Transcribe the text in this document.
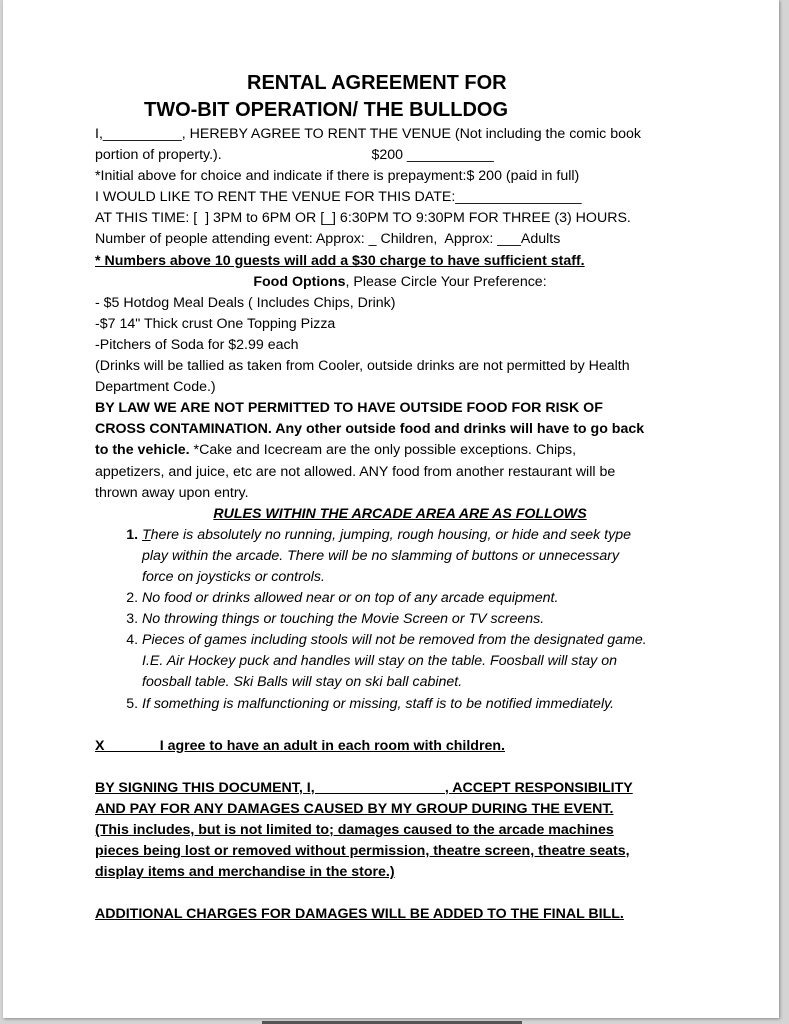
RENTAL AGREEMENT FOR
TWO-BIT OPERATION/ THE BULLDOG
I,__________, HEREBY AGREE TO RENT THE VENUE (Not including the comic book
portion of property.).                                      $200 ___________
*Initial above for choice and indicate if there is prepayment:$ 200 (paid in full)
I WOULD LIKE TO RENT THE VENUE FOR THIS DATE:________________
AT THIS TIME: [  ] 3PM to 6PM OR [_] 6:30PM TO 9:30PM FOR THREE (3) HOURS.
Number of people attending event: Approx: _ Children,  Approx: ___Adults
* Numbers above 10 guests will add a $30 charge to have sufficient staff.
Food Options, Please Circle Your Preference:
- $5 Hotdog Meal Deals ( Includes Chips, Drink)
-$7 14" Thick crust One Topping Pizza
-Pitchers of Soda for $2.99 each
(Drinks will be tallied as taken from Cooler, outside drinks are not permitted by Health
Department Code.)
BY LAW WE ARE NOT PERMITTED TO HAVE OUTSIDE FOOD FOR RISK OF
CROSS CONTAMINATION. Any other outside food and drinks will have to go back
to the vehicle. *Cake and Icecream are the only possible exceptions. Chips,
appetizers, and juice, etc are not allowed. ANY food from another restaurant will be
thrown away upon entry.
RULES WITHIN THE ARCADE AREA ARE AS FOLLOWS
1. There is absolutely no running, jumping, rough housing, or hide and seek type
play within the arcade. There will be no slamming of buttons or unnecessary
force on joysticks or controls.
2. No food or drinks allowed near or on top of any arcade equipment.
3. No throwing things or touching the Movie Screen or TV screens.
4. Pieces of games including stools will not be removed from the designated game.
I.E. Air Hockey puck and handles will stay on the table. Foosball will stay on
foosball table. Ski Balls will stay on ski ball cabinet.
5. If something is malfunctioning or missing, staff is to be notified immediately.
X______  I agree to have an adult in each room with children.
BY SIGNING THIS DOCUMENT, I, ________________, ACCEPT RESPONSIBILITY
AND PAY FOR ANY DAMAGES CAUSED BY MY GROUP DURING THE EVENT.
(This includes, but is not limited to; damages caused to the arcade machines
pieces being lost or removed without permission, theatre screen, theatre seats,
display items and merchandise in the store.)
ADDITIONAL CHARGES FOR DAMAGES WILL BE ADDED TO THE FINAL BILL.
